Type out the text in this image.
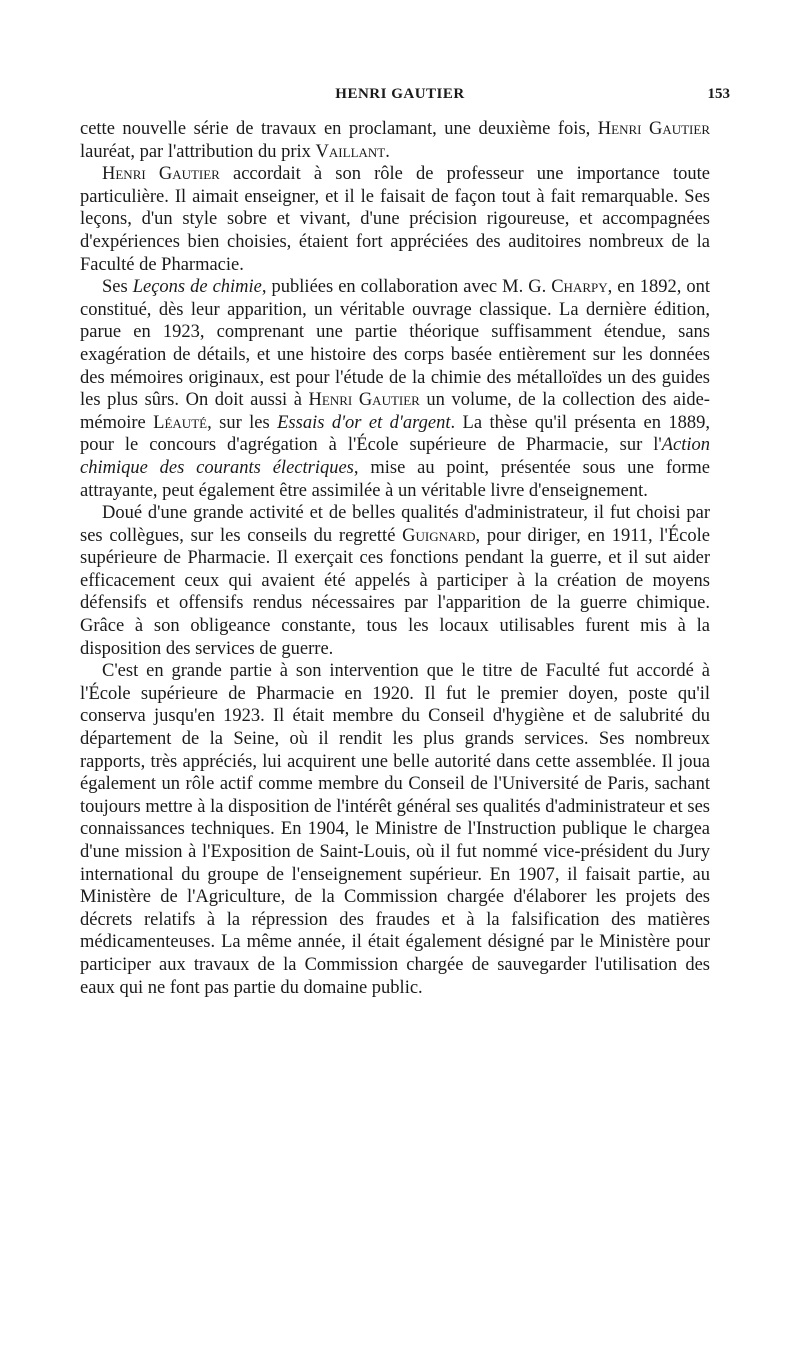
HENRI GAUTIER	153

cette nouvelle série de travaux en proclamant, une deuxième fois, Henri Gautier lauréat, par l'attribution du prix Vaillant.

Henri Gautier accordait à son rôle de professeur une importance toute particulière. Il aimait enseigner, et il le faisait de façon tout à fait remarquable. Ses leçons, d'un style sobre et vivant, d'une précision rigoureuse, et accompagnées d'expériences bien choisies, étaient fort appréciées des auditoires nombreux de la Faculté de Pharmacie.

Ses Leçons de chimie, publiées en collaboration avec M. G. Charpy, en 1892, ont constitué, dès leur apparition, un véritable ouvrage classique. La dernière édition, parue en 1923, comprenant une partie théorique suffisamment étendue, sans exagération de détails, et une histoire des corps basée entièrement sur les données des mémoires originaux, est pour l'étude de la chimie des métalloïdes un des guides les plus sûrs. On doit aussi à Henri Gautier un volume, de la collection des aide-mémoire Léauté, sur les Essais d'or et d'argent. La thèse qu'il présenta en 1889, pour le concours d'agrégation à l'École supérieure de Pharmacie, sur l'Action chimique des courants électriques, mise au point, présentée sous une forme attrayante, peut également être assimilée à un véritable livre d'enseignement.

Doué d'une grande activité et de belles qualités d'administrateur, il fut choisi par ses collègues, sur les conseils du regretté Guignard, pour diriger, en 1911, l'École supérieure de Pharmacie. Il exerçait ces fonctions pendant la guerre, et il sut aider efficacement ceux qui avaient été appelés à participer à la création de moyens défensifs et offensifs rendus nécessaires par l'apparition de la guerre chimique. Grâce à son obligeance constante, tous les locaux utilisables furent mis à la disposition des services de guerre.

C'est en grande partie à son intervention que le titre de Faculté fut accordé à l'École supérieure de Pharmacie en 1920. Il fut le premier doyen, poste qu'il conserva jusqu'en 1923. Il était membre du Conseil d'hygiène et de salubrité du département de la Seine, où il rendit les plus grands services. Ses nombreux rapports, très appréciés, lui acquirent une belle autorité dans cette assemblée. Il joua également un rôle actif comme membre du Conseil de l'Université de Paris, sachant toujours mettre à la disposition de l'intérêt général ses qualités d'administrateur et ses connaissances techniques. En 1904, le Ministre de l'Instruction publique le chargea d'une mission à l'Exposition de Saint-Louis, où il fut nommé vice-président du Jury international du groupe de l'enseignement supérieur. En 1907, il faisait partie, au Ministère de l'Agriculture, de la Commission chargée d'élaborer les projets des décrets relatifs à la répression des fraudes et à la falsification des matières médicamenteuses. La même année, il était également désigné par le Ministère pour participer aux travaux de la Commission chargée de sauvegarder l'utilisation des eaux qui ne font pas partie du domaine public.
